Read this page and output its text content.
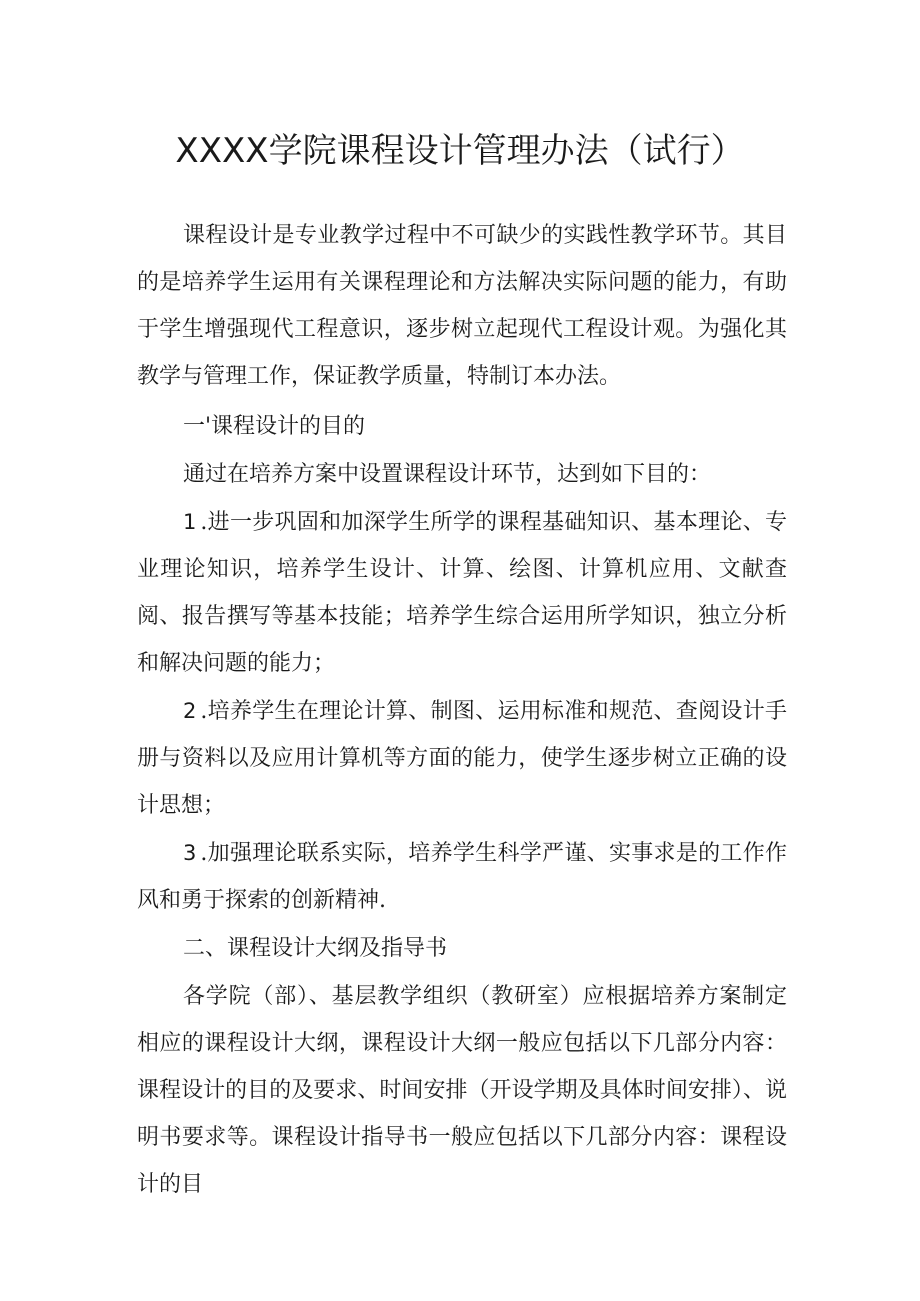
XXXX学院课程设计管理办法（试行）

课程设计是专业教学过程中不可缺少的实践性教学环节。其目的是培养学生运用有关课程理论和方法解决实际问题的能力，有助于学生增强现代工程意识，逐步树立起现代工程设计观。为强化其教学与管理工作，保证教学质量，特制订本办法。

一'课程设计的目的

通过在培养方案中设置课程设计环节，达到如下目的：

1 .进一步巩固和加深学生所学的课程基础知识、基本理论、专业理论知识，培养学生设计、计算、绘图、计算机应用、文献查阅、报告撰写等基本技能；培养学生综合运用所学知识，独立分析和解决问题的能力；

2 .培养学生在理论计算、制图、运用标准和规范、查阅设计手册与资料以及应用计算机等方面的能力，使学生逐步树立正确的设计思想；

3 .加强理论联系实际，培养学生科学严谨、实事求是的工作作风和勇于探索的创新精神.

二、课程设计大纲及指导书

各学院（部）、基层教学组织（教研室）应根据培养方案制定相应的课程设计大纲，课程设计大纲一般应包括以下几部分内容：课程设计的目的及要求、时间安排（开设学期及具体时间安排）、说明书要求等。课程设计指导书一般应包括以下几部分内容：课程设计的目
